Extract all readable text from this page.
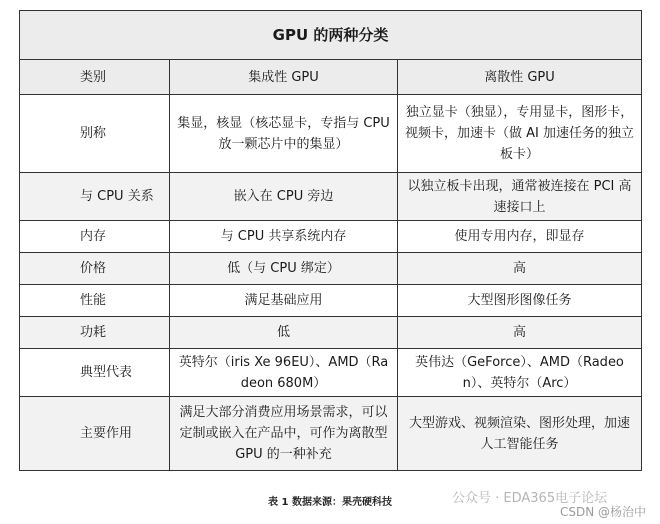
GPU 的两种分类		
类别	集成性 GPU	离散性 GPU
别称	集显，核显（核芯显卡，专指与 CPU 放一颗芯片中的集显）	独立显卡（独显），专用显卡，图形卡，视频卡，加速卡（做 AI 加速任务的独立板卡）
与 CPU 关系	嵌入在 CPU 旁边	以独立板卡出现，通常被连接在 PCI 高速接口上
内存	与 CPU 共享系统内存	使用专用内存，即显存
价格	低（与 CPU 绑定）	高
性能	满足基础应用	大型图形图像任务
功耗	低	高
典型代表	英特尔（iris Xe 96EU）、AMD（Radeon 680M）	英伟达（GeForce）、AMD（Radeon）、英特尔（Arc）
主要作用	满足大部分消费应用场景需求，可以定制或嵌入在产品中，可作为离散型 GPU 的一种补充	大型游戏、视频渲染、图形处理，加速人工智能任务
表 1 数据来源：果壳硬科技	公众号 · EDA365电子论坛
CSDN @杨治中
